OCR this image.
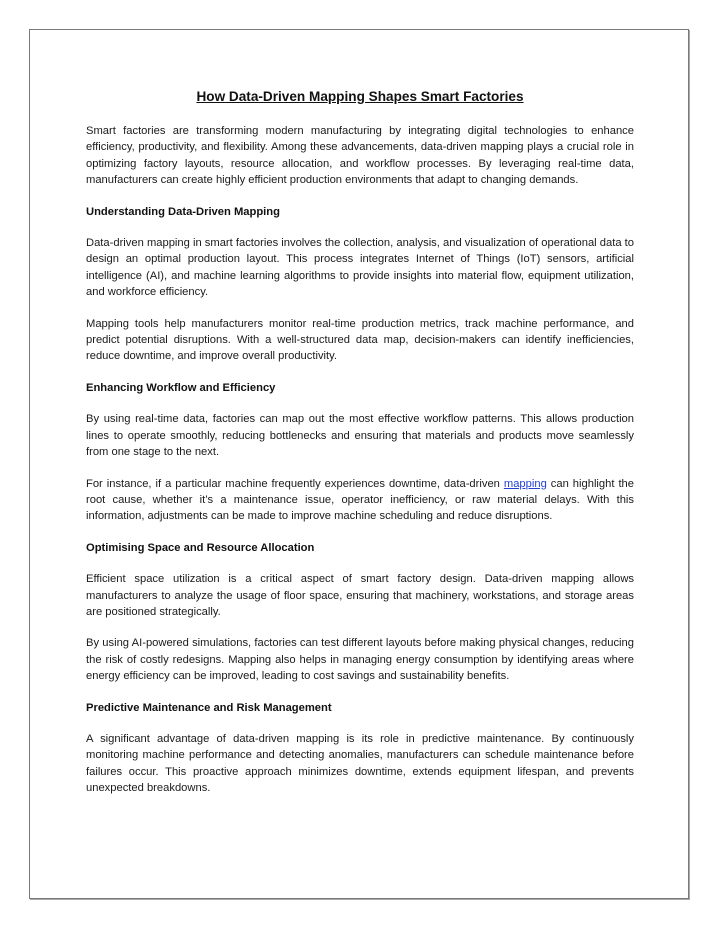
How Data-Driven Mapping Shapes Smart Factories
Smart factories are transforming modern manufacturing by integrating digital technologies to enhance efficiency, productivity, and flexibility. Among these advancements, data-driven mapping plays a crucial role in optimizing factory layouts, resource allocation, and workflow processes. By leveraging real-time data, manufacturers can create highly efficient production environments that adapt to changing demands.
Understanding Data-Driven Mapping
Data-driven mapping in smart factories involves the collection, analysis, and visualization of operational data to design an optimal production layout. This process integrates Internet of Things (IoT) sensors, artificial intelligence (AI), and machine learning algorithms to provide insights into material flow, equipment utilization, and workforce efficiency.
Mapping tools help manufacturers monitor real-time production metrics, track machine performance, and predict potential disruptions. With a well-structured data map, decision-makers can identify inefficiencies, reduce downtime, and improve overall productivity.
Enhancing Workflow and Efficiency
By using real-time data, factories can map out the most effective workflow patterns. This allows production lines to operate smoothly, reducing bottlenecks and ensuring that materials and products move seamlessly from one stage to the next.
For instance, if a particular machine frequently experiences downtime, data-driven mapping can highlight the root cause, whether it’s a maintenance issue, operator inefficiency, or raw material delays. With this information, adjustments can be made to improve machine scheduling and reduce disruptions.
Optimising Space and Resource Allocation
Efficient space utilization is a critical aspect of smart factory design. Data-driven mapping allows manufacturers to analyze the usage of floor space, ensuring that machinery, workstations, and storage areas are positioned strategically.
By using AI-powered simulations, factories can test different layouts before making physical changes, reducing the risk of costly redesigns. Mapping also helps in managing energy consumption by identifying areas where energy efficiency can be improved, leading to cost savings and sustainability benefits.
Predictive Maintenance and Risk Management
A significant advantage of data-driven mapping is its role in predictive maintenance. By continuously monitoring machine performance and detecting anomalies, manufacturers can schedule maintenance before failures occur. This proactive approach minimizes downtime, extends equipment lifespan, and prevents unexpected breakdowns.
